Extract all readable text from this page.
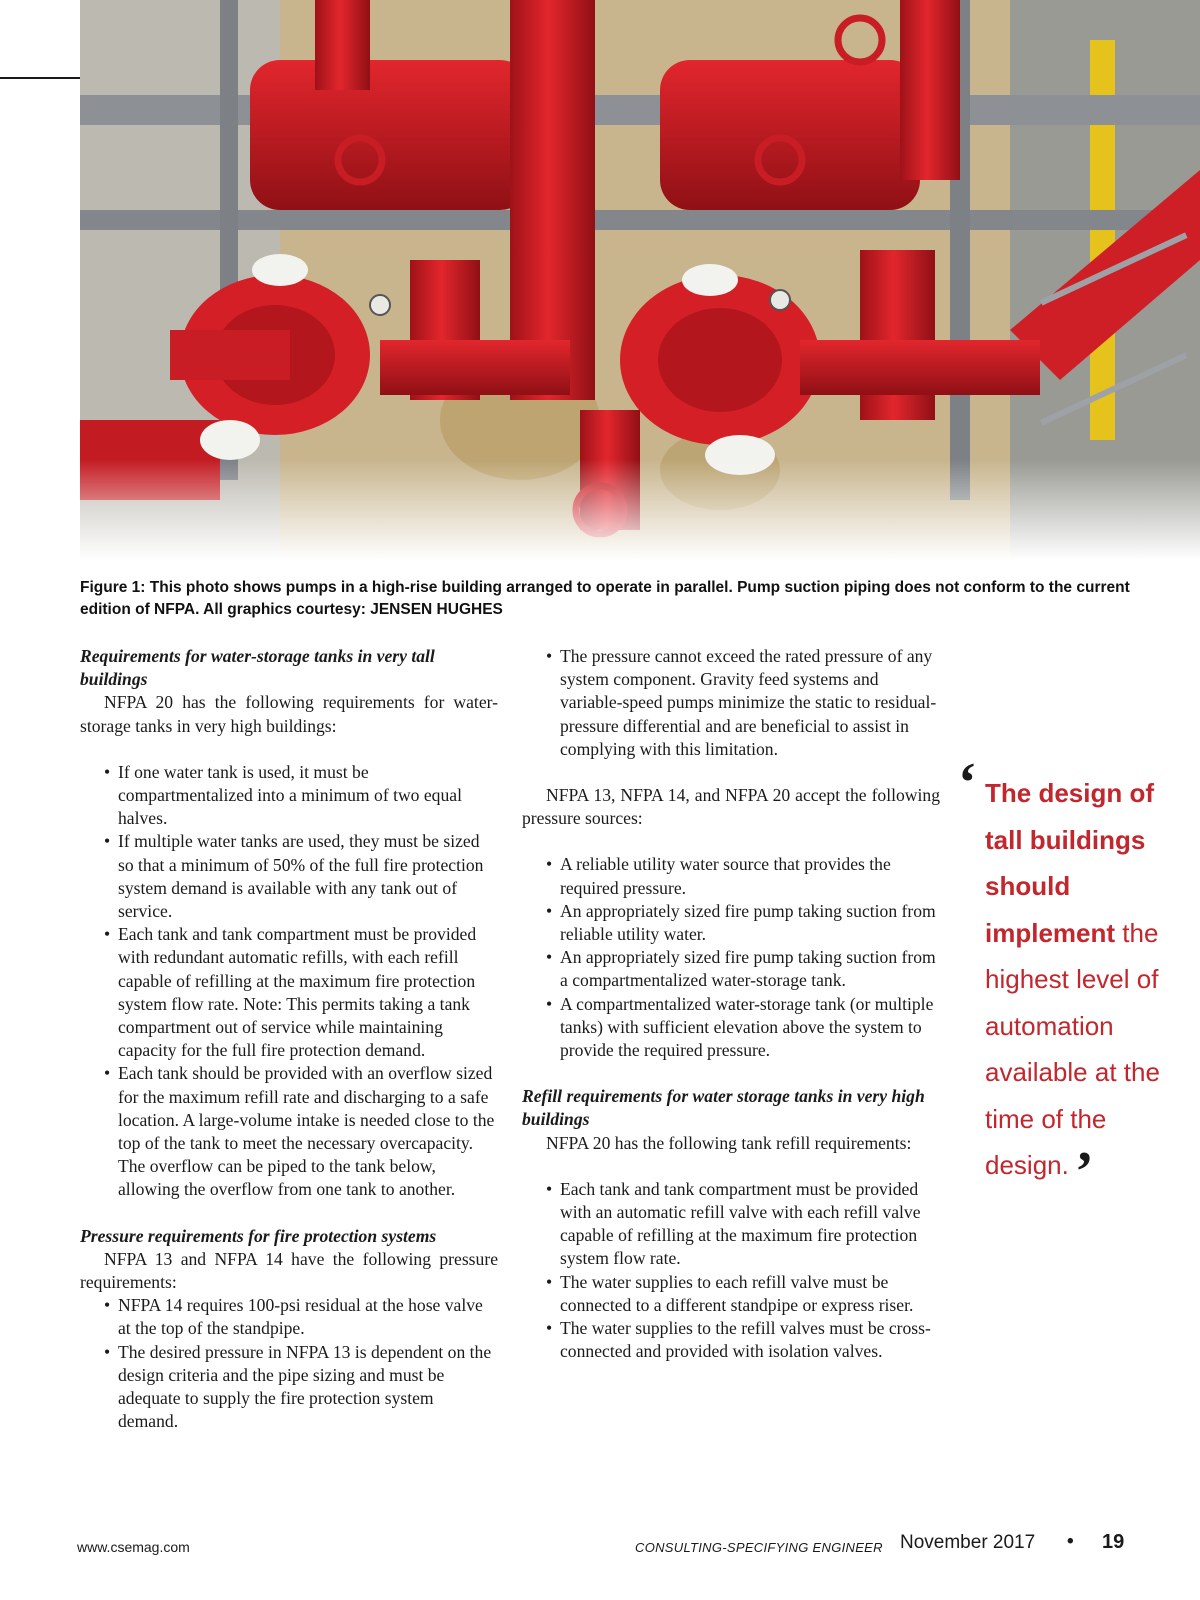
Figure 1: This photo shows pumps in a high-rise building arranged to operate in parallel. Pump suction piping does not conform to the current edition of NFPA. All graphics courtesy: JENSEN HUGHES
Requirements for water-storage tanks in very tall buildings

NFPA 20 has the following requirements for water-storage tanks in very high buildings:

• If one water tank is used, it must be compartmentalized into a minimum of two equal halves.
• If multiple water tanks are used, they must be sized so that a minimum of 50% of the full fire protection system demand is available with any tank out of service.
• Each tank and tank compartment must be provided with redundant automatic refills, with each refill capable of refilling at the maximum fire protection system flow rate. Note: This permits taking a tank compartment out of service while maintaining capacity for the full fire protection demand.
• Each tank should be provided with an overflow sized for the maximum refill rate and discharging to a safe location. A large-volume intake is needed close to the top of the tank to meet the necessary overcapacity. The overflow can be piped to the tank below, allowing the overflow from one tank to another.
Pressure requirements for fire protection systems

NFPA 13 and NFPA 14 have the following pressure requirements:

• NFPA 14 requires 100-psi residual at the hose valve at the top of the standpipe.
• The desired pressure in NFPA 13 is dependent on the design criteria and the pipe sizing and must be adequate to supply the fire protection system demand.
• The pressure cannot exceed the rated pressure of any system component. Gravity feed systems and variable-speed pumps minimize the static to residual-pressure differential and are beneficial to assist in complying with this limitation.

NFPA 13, NFPA 14, and NFPA 20 accept the following pressure sources:

• A reliable utility water source that provides the required pressure.
• An appropriately sized fire pump taking suction from reliable utility water.
• An appropriately sized fire pump taking suction from a compartmentalized water-storage tank.
• A compartmentalized water-storage tank (or multiple tanks) with sufficient elevation above the system to provide the required pressure.
Refill requirements for water storage tanks in very high buildings

NFPA 20 has the following tank refill requirements:

• Each tank and tank compartment must be provided with an automatic refill valve with each refill valve capable of refilling at the maximum fire protection system flow rate.
• The water supplies to each refill valve must be connected to a different standpipe or express riser.
• The water supplies to the refill valves must be cross-connected and provided with isolation valves.
‘ The design of tall buildings should implement the highest level of automation available at the time of the design. ’
www.csemag.com	CONSULTING-SPECIFYING ENGINEER November 2017 • 19
